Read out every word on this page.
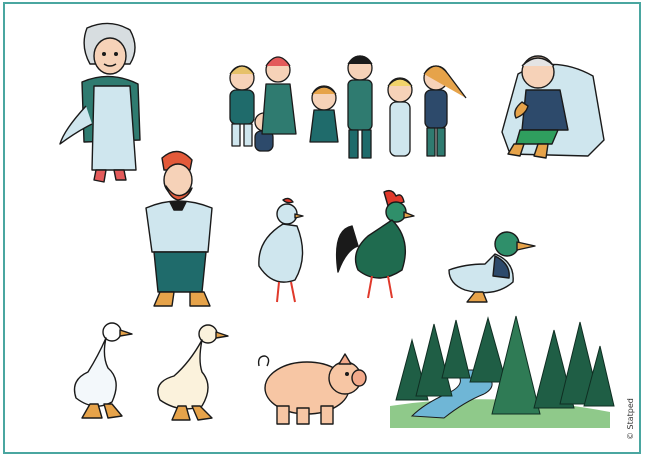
© Statped
